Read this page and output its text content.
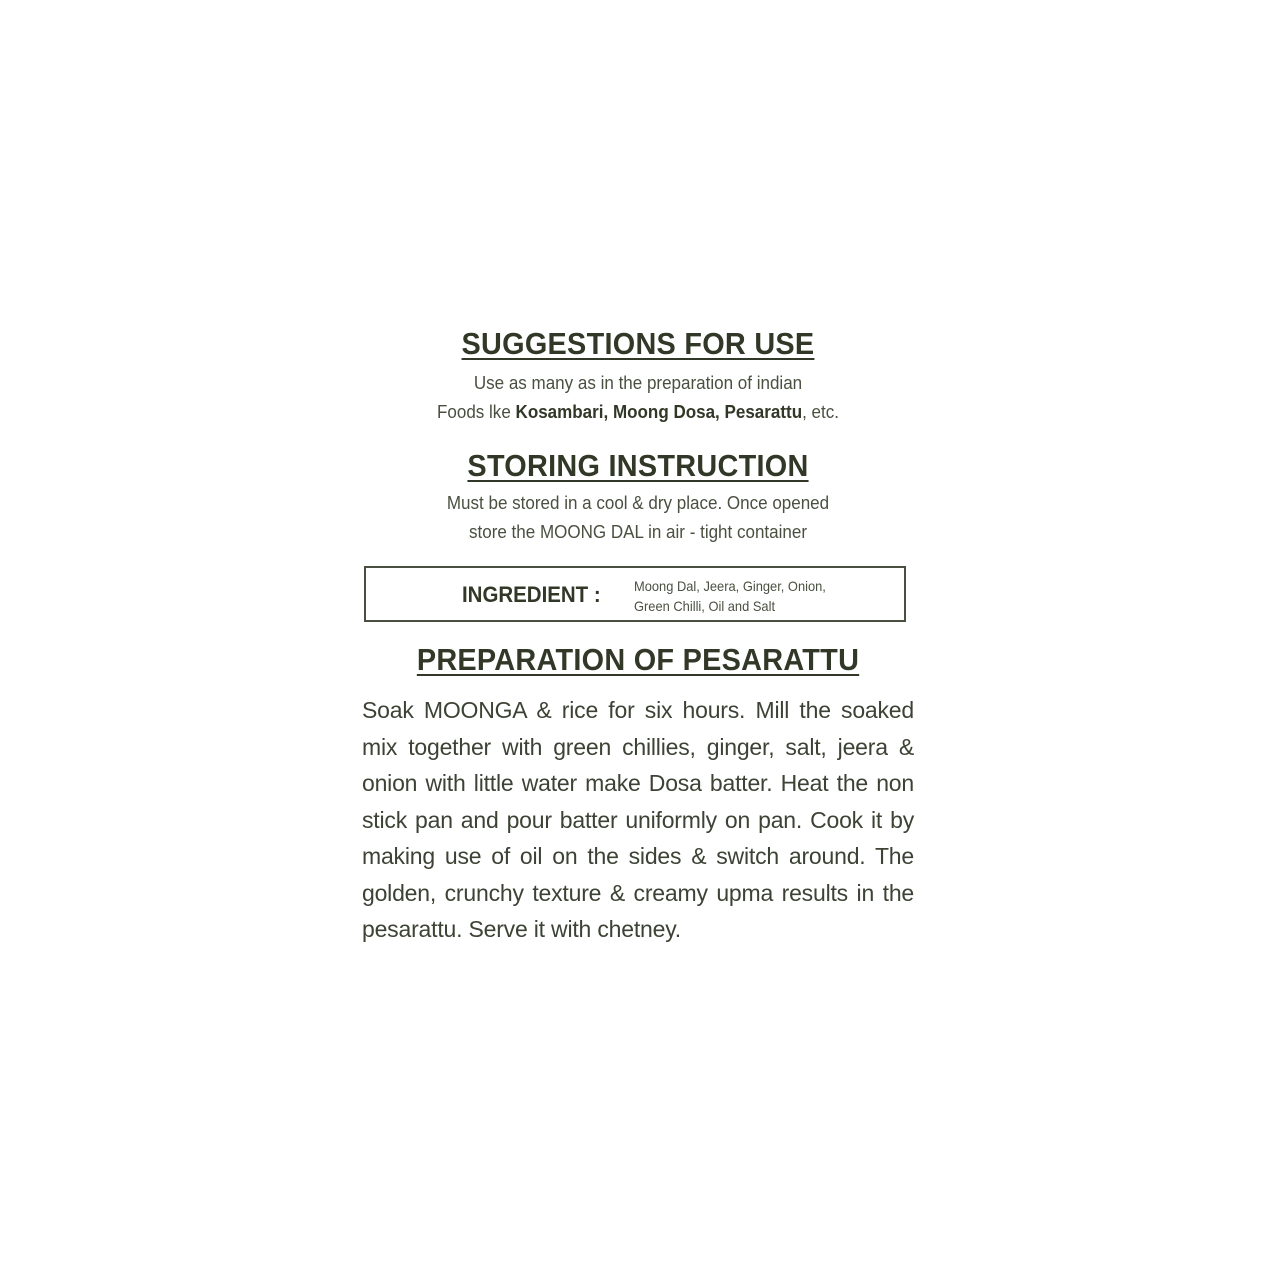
SUGGESTIONS FOR USE

Use as many as in the preparation of indian

Foods lke Kosambari, Moong Dosa, Pesarattu, etc.

STORING INSTRUCTION

Must be stored in a cool & dry place. Once opened

store the MOONG DAL in air - tight container

INGREDIENT : Moong Dal, Jeera, Ginger, Onion,
Green Chilli, Oil and Salt
PREPARATION OF PESARATTU

Soak MOONGA & rice for six hours. Mill the soaked mix together with green chillies, ginger, salt, jeera & onion with little water make Dosa batter. Heat the non stick pan and pour batter uniformly on pan. Cook it by making use of oil on the sides & switch around. The golden, crunchy texture & creamy upma results in the pesarattu. Serve it with chetney.
